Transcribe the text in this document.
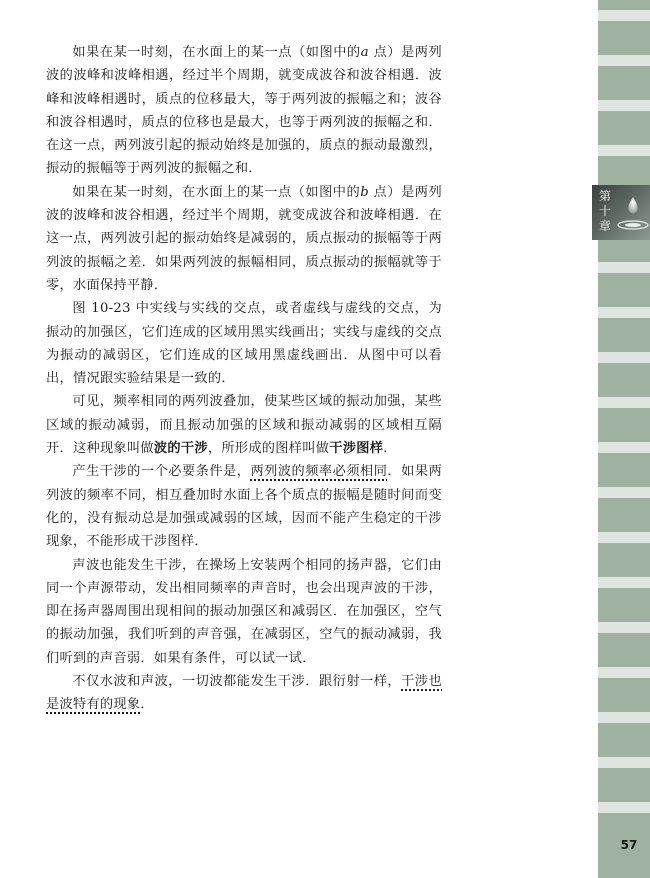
如果在某一时刻，在水面上的某一点（如图中的a 点）是两列波的波峰和波峰相遇，经过半个周期，就变成波谷和波谷相遇．波峰和波峰相遇时，质点的位移最大，等于两列波的振幅之和；波谷和波谷相遇时，质点的位移也是最大，也等于两列波的振幅之和．在这一点，两列波引起的振动始终是加强的，质点的振动最激烈，振动的振幅等于两列波的振幅之和．

如果在某一时刻，在水面上的某一点（如图中的b 点）是两列波的波峰和波谷相遇，经过半个周期，就变成波谷和波峰相遇．在这一点，两列波引起的振动始终是减弱的，质点振动的振幅等于两列波的振幅之差．如果两列波的振幅相同，质点振动的振幅就等于零，水面保持平静．

图 10-23 中实线与实线的交点，或者虚线与虚线的交点，为振动的加强区，它们连成的区域用黑实线画出；实线与虚线的交点为振动的减弱区，它们连成的区域用黑虚线画出．从图中可以看出，情况跟实验结果是一致的．

可见，频率相同的两列波叠加，使某些区域的振动加强，某些区域的振动减弱，而且振动加强的区域和振动减弱的区域相互隔开．这种现象叫做波的干涉，所形成的图样叫做干涉图样．

产生干涉的一个必要条件是，两列波的频率必须相同．如果两列波的频率不同，相互叠加时水面上各个质点的振幅是随时间而变化的，没有振动总是加强或减弱的区域，因而不能产生稳定的干涉现象，不能形成干涉图样．

声波也能发生干涉，在操场上安装两个相同的扬声器，它们由同一个声源带动，发出相同频率的声音时，也会出现声波的干涉，即在扬声器周围出现相间的振动加强区和减弱区．在加强区，空气的振动加强，我们听到的声音强，在减弱区，空气的振动减弱，我们听到的声音弱．如果有条件，可以试一试．

不仅水波和声波，一切波都能发生干涉．跟衍射一样，干涉也是波特有的现象．

第十章
57
